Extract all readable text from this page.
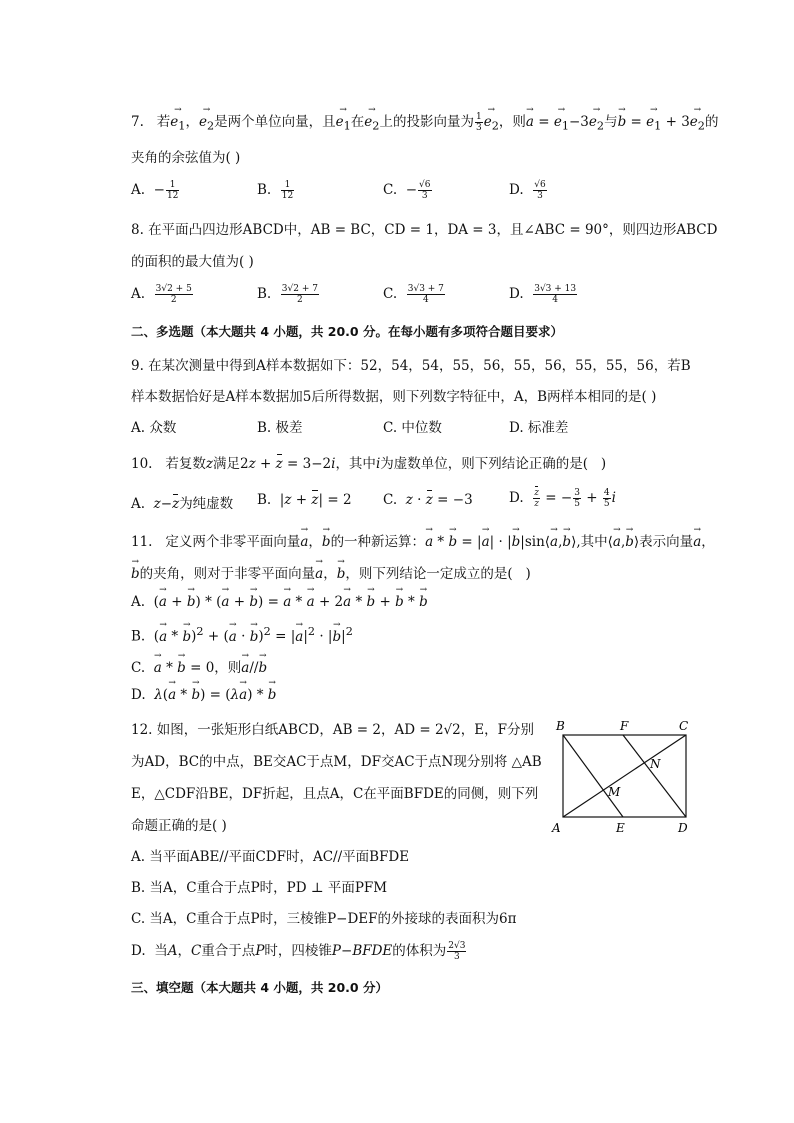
7.   若→ $e_1$，→ $e_2$是两个单位向量，且→ $e_1$在→ $e_2$上的投影向量为 $\frac{1}{3}$
→ $e_2$，则→ a = → $e_1-3\to e_2$与→ b = → $e_1 + 3\to e_2$的
夹角的余弦值为( )
A.  − $\frac{1}{12}$	B. $\frac{1}{12}$	C.  − $\frac{√6}{3}$	D. $\frac{√6}{3}$
8. 在平面凸四边形ABCD中，AB = BC，CD = 1，DA = 3，且∠ABC = 90°，则四边形ABCD
的面积的最大值为( )
A. $\frac{3√2 + 5}{2}$	B. $\frac{3√2 + 7}{2}$	C. $\frac{3√3 + 7}{4}$	D. $\frac{3√3 + 13}{4}$
二、多选题（本大题共 4 小题，共 20.0 分。在每小题有多项符合题目要求）
9. 在某次测量中得到A样本数据如下：52，54，54，55，56，55，56，55，55，56，若B
样本数据恰好是A样本数据加5后所得数据，则下列数字特征中，A，B两样本相同的是( )
A. 众数	B. 极差	C. 中位数	D. 标准差
10.   若复数z满足2z + z = 3−2i，其中i为虚数单位，则下列结论正确的是(   )
A.  z−z为纯虚数 B.  |z + z| = 2 C.  z · z = −3	D. $\frac{z}{z}$ = − $\frac{3}{5} + \frac{4}{5}$ i
11.   定义两个非零平面向量→ a，→ b的一种新运算：→ a * → b = |→ a| · |→ b|sin⟨→ a,→ b⟩,其中⟨→ a,→ b⟩表示向量→ a，
→ b的夹角，则对于非零平面向量→ a，→ b，则下列结论一定成立的是(   )
A.  (→ a + → b) * (→ a + → b) = → a * → a + 2→ a * → b + → b * → b
B.  (→ a * → b)$^2$ + (→ a · → b)$^2$ = |→ $a|^2$ · |→ $b|^2$
C.  → a * → b = 0，则→ a//→ b
D.  λ(→ a * → b) = (λ→ a) * → b
12. 如图，一张矩形白纸ABCD，AB = 2，AD = 2√2，E，F分别
为AD，BC的中点，BE交AC于点M，DF交AC于点N现分别将 △AB
E，△CDF沿BE，DF折起，且点A，C在平面BFDE的同侧，则下列
命题正确的是( )
A. 当平面ABE//平面CDF时，AC//平面BFDE
B. 当A，C重合于点P时，PD ⊥ 平面PFM
C. 当A，C重合于点P时，三棱锥P−DEF的外接球的表面积为6π
D.  当A，C重合于点P时，四棱锥P−BFDE的体积为 $\frac{2√3}{3}$
B	F	C
A	E	D
M
N
三、填空题（本大题共 4 小题，共 20.0 分）
